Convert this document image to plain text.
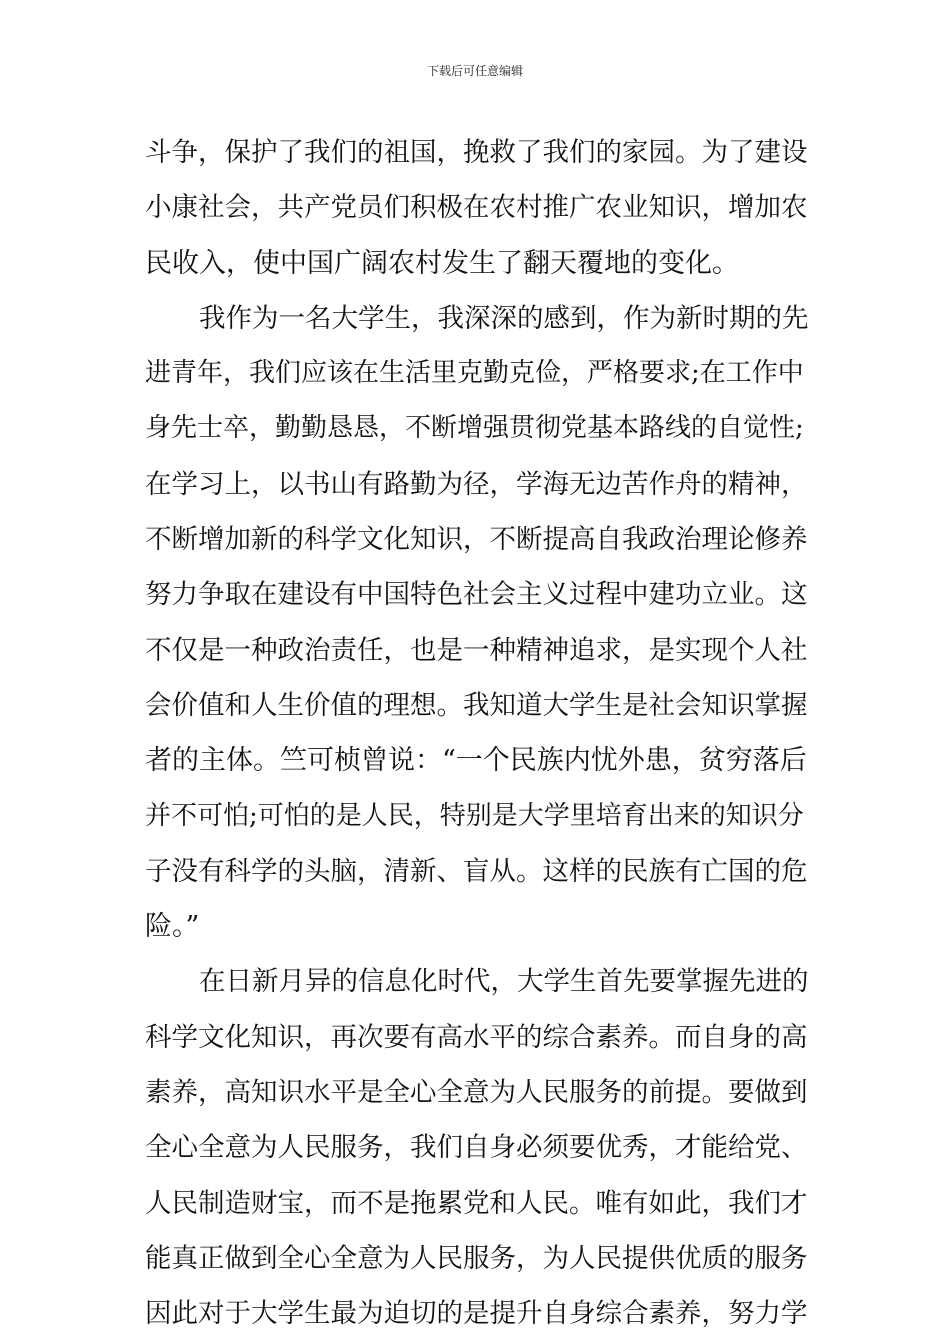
下载后可任意编辑
斗争，保护了我们的祖国，挽救了我们的家园。为了建设
小康社会，共产党员们积极在农村推广农业知识，增加农
民收入，使中国广阔农村发生了翻天覆地的变化。
我作为一名大学生，我深深的感到，作为新时期的先
进青年，我们应该在生活里克勤克俭，严格要求;在工作中
身先士卒，勤勤恳恳，不断增强贯彻党基本路线的自觉性;
在学习上，以书山有路勤为径，学海无边苦作舟的精神，
不断增加新的科学文化知识，不断提高自我政治理论修养
努力争取在建设有中国特色社会主义过程中建功立业。这
不仅是一种政治责任，也是一种精神追求，是实现个人社
会价值和人生价值的理想。我知道大学生是社会知识掌握
者的主体。竺可桢曾说：“一个民族内忧外患，贫穷落后
并不可怕;可怕的是人民，特别是大学里培育出来的知识分
子没有科学的头脑，清新、盲从。这样的民族有亡国的危
险。”
在日新月异的信息化时代，大学生首先要掌握先进的
科学文化知识，再次要有高水平的综合素养。而自身的高
素养，高知识水平是全心全意为人民服务的前提。要做到
全心全意为人民服务，我们自身必须要优秀，才能给党、
人民制造财宝，而不是拖累党和人民。唯有如此，我们才
能真正做到全心全意为人民服务，为人民提供优质的服务
因此对于大学生最为迫切的是提升自身综合素养，努力学
